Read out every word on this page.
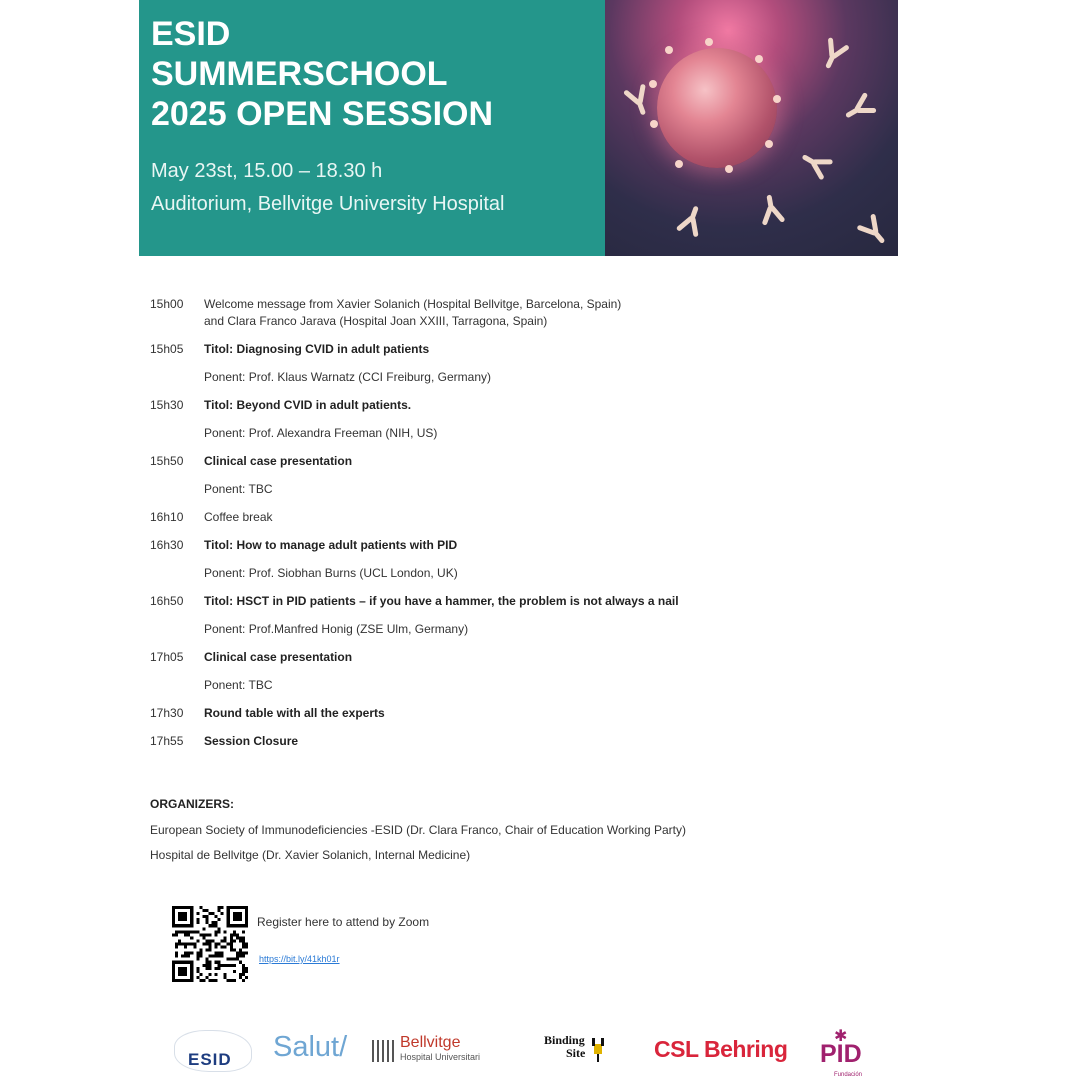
ESID
SUMMERSCHOOL
2025 OPEN SESSION
May 23st, 15.00 – 18.30 h
Auditorium, Bellvitge University Hospital
15h00	Welcome message from Xavier Solanich (Hospital Bellvitge, Barcelona, Spain)
and Clara Franco Jarava (Hospital Joan XXIII, Tarragona, Spain)
15h05	Titol: Diagnosing CVID in adult patients
Ponent: Prof. Klaus Warnatz (CCI Freiburg, Germany)
15h30	Titol: Beyond CVID in adult patients.
Ponent: Prof. Alexandra Freeman (NIH, US)
15h50	Clinical case presentation
Ponent: TBC
16h10	Coffee break
16h30	Titol: How to manage adult patients with PID
Ponent: Prof. Siobhan Burns (UCL London, UK)
16h50	Titol: HSCT in PID patients – if you have a hammer, the problem is not always a nail
Ponent: Prof.Manfred Honig (ZSE Ulm, Germany)
17h05	Clinical case presentation
Ponent: TBC
17h30	Round table with all the experts
17h55	Session Closure
ORGANIZERS:
European Society of Immunodeficiencies -ESID (Dr. Clara Franco, Chair of Education Working Party)
Hospital de Bellvitge (Dr. Xavier Solanich, Internal Medicine)
Register here to attend by Zoom
https://bit.ly/41kh01r
ESID Salut/	Bellvitge
Hospital Universitari
Binding
Site	CSL Behring	✱
PID
Fundación
